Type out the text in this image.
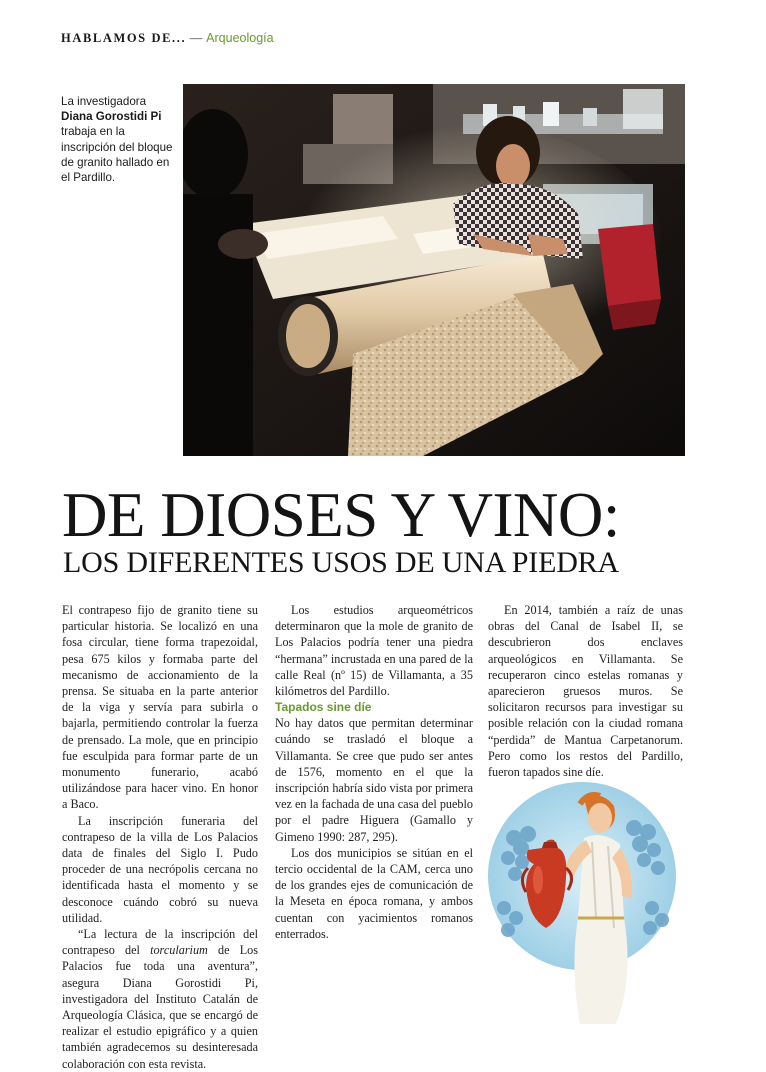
HABLAMOS DE... — Arqueología
La investigadora Diana Gorostidi Pi trabaja en la inscripción del bloque de granito hallado en el Pardillo.
DE DIOSES Y VINO:
LOS DIFERENTES USOS DE UNA PIEDRA

El contrapeso fijo de granito tiene su particular historia. Se localizó en una fosa circular, tiene forma trapezoidal, pesa 675 kilos y formaba parte del mecanismo de accionamiento de la prensa. Se situaba en la parte anterior de la viga y servía para subirla o bajarla, permitiendo controlar la fuerza de prensado. La mole, que en principio fue esculpida para formar parte de un monumento funerario, acabó utilizándose para hacer vino. En honor a Baco.

La inscripción funeraria del contrapeso de la villa de Los Palacios data de finales del Siglo I. Pudo proceder de una necrópolis cercana no identificada hasta el momento y se desconoce cuándo cobró su nueva utilidad.

“La lectura de la inscripción del contrapeso del torcularium de Los Palacios fue toda una aventura”, asegura Diana Gorostidi Pi, investigadora del Instituto Catalán de Arqueología Clásica, que se encargó de realizar el estudio epigráfico y a quien también agradecemos su desinteresada colaboración con esta revista.

Los estudios arqueométricos determinaron que la mole de granito de Los Palacios podría tener una piedra “hermana” incrustada en una pared de la calle Real (nº 15) de Villamanta, a 35 kilómetros del Pardillo.

Tapados sine díe

No hay datos que permitan determinar cuándo se trasladó el bloque a Villamanta. Se cree que pudo ser antes de 1576, momento en el que la inscripción habría sido vista por primera vez en la fachada de una casa del pueblo por el padre Higuera (Gamallo y Gimeno 1990: 287, 295).

Los dos municipios se sitúan en el tercio occidental de la CAM, cerca uno de los grandes ejes de comunicación de la Meseta en época romana, y ambos cuentan con yacimientos romanos enterrados.

En 2014, también a raíz de unas obras del Canal de Isabel II, se descubrieron dos enclaves arqueológicos en Villamanta. Se recuperaron cinco estelas romanas y aparecieron gruesos muros. Se solicitaron recursos para investigar su posible relación con la ciudad romana “perdida” de Mantua Carpetanorum. Pero como los restos del Pardillo, fueron tapados sine díe.
